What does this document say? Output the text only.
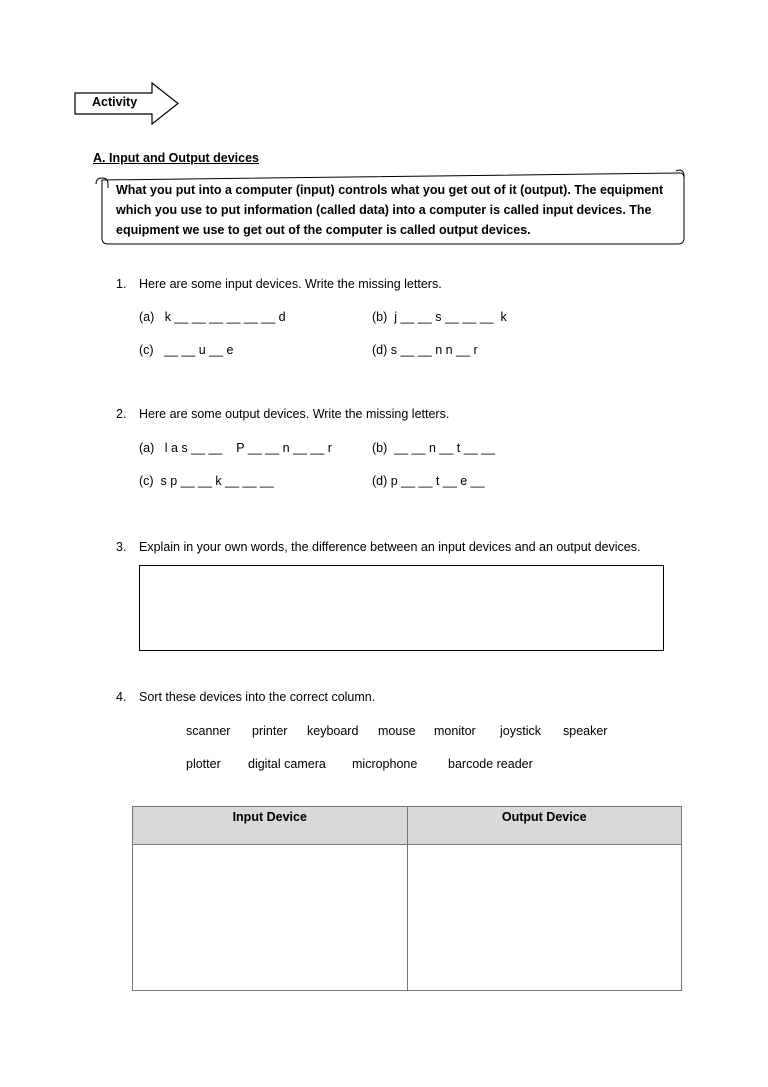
Activity
A. Input and Output devices
What you put into a computer (input) controls what you get out of it (output). The equipment
which you use to put information (called data) into a computer is called input devices. The
equipment we use to get out of the computer is called output devices.
1. Here are some input devices. Write the missing letters.
(a)   k __ __ __ __ __ __ d	(b)  j __ __ s __ __ __  k
(c)   __ __ u __ e	(d) s __ __ n n __ r
2. Here are some output devices. Write the missing letters.
(a)   l a s __ __    P __ __ n __ __ r	(b)  __ __ n __ t __ __
(c)  s p __ __ k __ __ __	(d) p __ __ t __ e __
3. Explain in your own words, the difference between an input devices and an output devices.
4. Sort these devices into the correct column.
scanner printer keyboard mouse monitor joystick speaker
plotter digital camera microphone barcode reader
Input Device	Output Device
